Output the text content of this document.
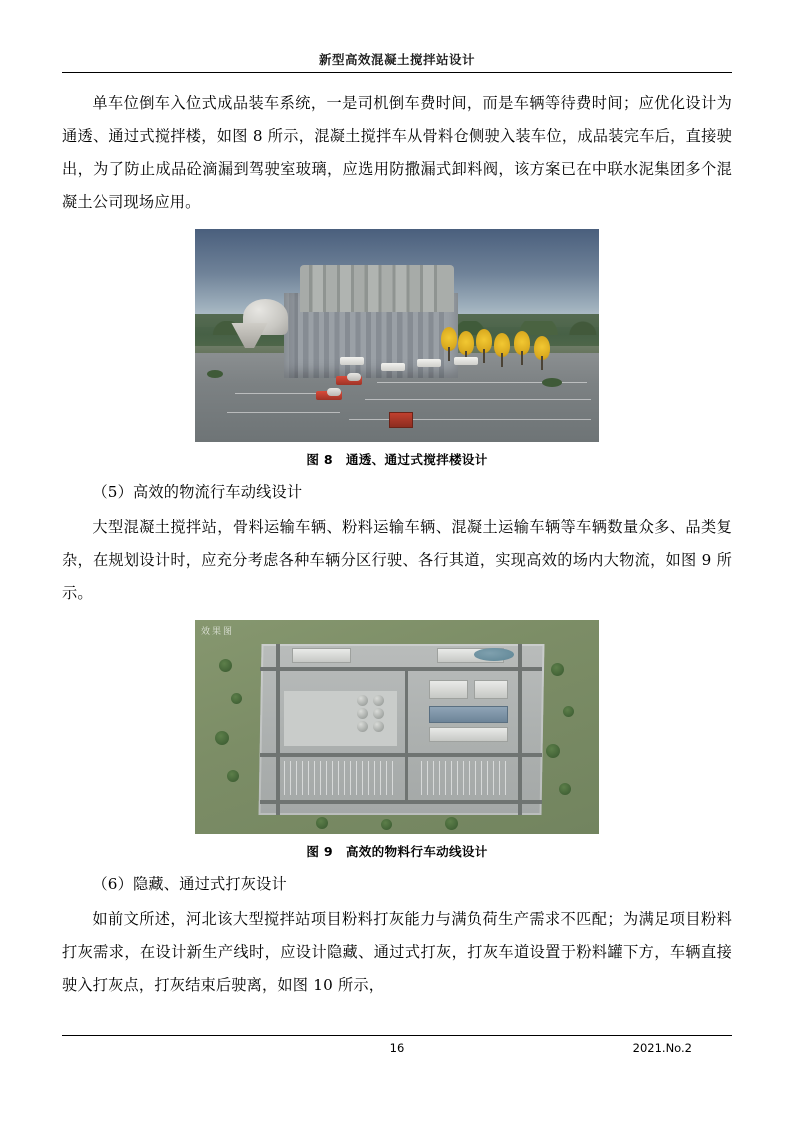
新型高效混凝土搅拌站设计

单车位倒车入位式成品装车系统，一是司机倒车费时间，而是车辆等待费时间；应优化设计为通透、通过式搅拌楼，如图 8 所示，混凝土搅拌车从骨料仓侧驶入装车位，成品装完车后，直接驶出，为了防止成品砼滴漏到驾驶室玻璃，应选用防撒漏式卸料阀，该方案已在中联水泥集团多个混凝土公司现场应用。

图 8　通透、通过式搅拌楼设计

（5）高效的物流行车动线设计

大型混凝土搅拌站，骨料运输车辆、粉料运输车辆、混凝土运输车辆等车辆数量众多、品类复杂，在规划设计时，应充分考虑各种车辆分区行驶、各行其道，实现高效的场内大物流，如图 9 所示。

效果图
图 9　高效的物料行车动线设计

（6）隐藏、通过式打灰设计

如前文所述，河北该大型搅拌站项目粉料打灰能力与满负荷生产需求不匹配；为满足项目粉料打灰需求，在设计新生产线时，应设计隐藏、通过式打灰，打灰车道设置于粉料罐下方，车辆直接驶入打灰点，打灰结束后驶离，如图 10 所示，

16	2021.No.2
